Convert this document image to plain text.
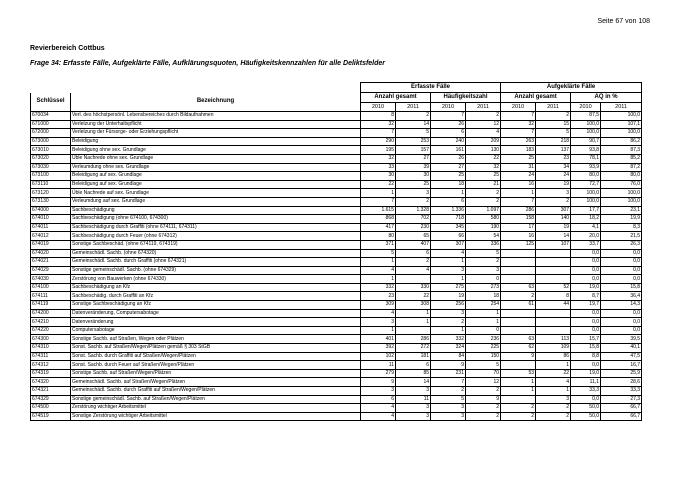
Seite 67 von 108
Revierbereich Cottbus
Frage 34: Erfasste Fälle, Aufgeklärte Fälle, Aufklärungsquoten, Häufigkeitskennzahlen für alle Deliktsfelder
		Erfasste Fälle				Aufgeklärte Fälle			
Schlüssel	Bezeichnung	Anzahl gesamt		Häufigkeitszahl		Anzahl gesamt		AQ in %	
		2010	2011	2010	2011	2010	2011	2010	2011
670034	Verl. des höchstpersönl. Lebensbereiches durch Bildaufnahmen	8	2	7	2	7	2	87,5	100,0
671000	Verletzung der Unterhaltspflicht	32	14	26	12	32	15	100,0	107,1
672000	Verletzung der Fürsorge- oder Erziehungspflicht	7	5	6	4	7	5	100,0	100,0
673000	Beleidigung	290	253	240	209	263	218	90,7	86,2
673010	Beleidigung ohne sex. Grundlage	195	157	161	130	183	137	93,8	87,3
673020	Üble Nachrede ohne sex. Grundlage	32	27	26	22	25	23	78,1	85,2
673030	Verleumdung ohne sex. Grundlage	33	39	27	32	31	34	93,9	87,2
673100	Beleidigung auf sex. Grundlage	30	30	25	25	24	24	80,0	80,0
673110	Beleidigung auf sex. Grundlage	22	25	18	21	16	19	72,7	76,0
673120	Üble Nachrede auf sex. Grundlage	1	3	1	2	1	3	100,0	100,0
673130	Verleumdung auf sex. Grundlage	7	2	6	2	7	2	100,0	100,0
674000	Sachbeschädigung	1.615	1.328	1.336	1.097	286	307	17,7	23,1
674010	Sachbeschädigung (ohne 674100, 674300)	868	702	718	580	158	140	18,2	19,9
674011	Sachbeschädigung durch Graffiti (ohne 674111, 674311)	417	230	345	190	17	19	4,1	8,3
674012	Sachbeschädigung durch Feuer (ohne 674312)	80	65	66	54	16	14	20,0	21,5
674019	Sonstige Sachbeschäd. (ohne 674119, 674319)	371	407	307	336	125	107	33,7	26,3
674020	Gemeinschädl. Sachb. (ohne 674320)	5	6	4	5			0,0	0,0
674021	Gemeinschädl. Sachb. durch Graffiti (ohne 674321)	1	2	1	2			0,0	0,0
674029	Sonstige gemeinschädl. Sachb. (ohne 674329)	4	4	3	3			0,0	0,0
674030	Zerstörung von Bauwerken (ohne 674330)	1		1	0			0,0	0,0
674100	Sachbeschädigung an Kfz	332	330	275	273	63	52	19,0	15,8
674111	Sachbeschädig. durch Graffiti an Kfz	23	22	19	18	2	8	8,7	36,4
674119	Sonstige Sachbeschädigung an Kfz	309	308	256	254	61	44	19,7	14,3
674200	Datenveränderung, Computersabotage	4	1	3	1			0,0	0,0
674210	Datenveränderung	3	1	2	1			0,0	0,0
674220	Computersabotage	1		1	0			0,0	0,0
674300	Sonstige Sachb. auf Straßen, Wegen oder Plätzen	401	286	332	236	63	113	15,7	39,5
674310	Sonst. Sachb. auf Straßen/Wegen/Plätzen gemäß § 303 StGB	392	272	324	225	62	109	15,8	40,1
674311	Sonst. Sachb. durch Graffiti auf Straßen/Wegen/Plätzen	102	181	84	150	9	86	8,8	47,5
674312	Sonst. Sachb. durch Feuer auf Straßen/Wegen/Plätzen	11	6	9	5		1	0,0	16,7
674319	Sonstige Sachb. auf Straßen/Wegen/Plätzen	279	85	231	70	53	22	19,0	25,9
674320	Gemeinschädl. Sachb. auf Straßen/Wegen/Plätzen	9	14	7	12	1	4	11,1	28,6
674321	Gemeinschädl. Sachb. durch Graffiti auf Straßen/Wegen/Plätzen	3	3	2	2	1	1	33,3	33,3
674329	Sonstige gemeinschädl. Sachb. auf Straßen/Wegen/Plätzen	6	11	5	9		3	0,0	27,3
674500	Zerstörung wichtiger Arbeitsmittel	4	3	3	2	2	2	50,0	66,7
674519	Sonstige Zerstörung wichtiger Arbeitsmittel	4	3	3	2	2	2	50,0	66,7
